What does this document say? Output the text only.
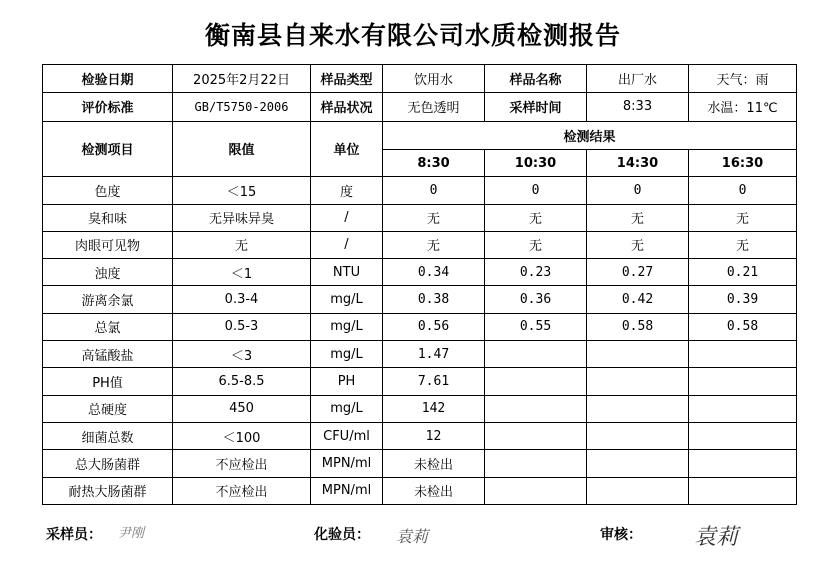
衡南县自来水有限公司水质检测报告
检验日期	2025年2月22日	样品类型	饮用水	样品名称	出厂水	天气：雨
评价标准	GB/T5750-2006	样品状况	无色透明	采样时间	8:33	水温：11℃
检测项目	限值	单位	检测结果			
			8:30	10:30	14:30	16:30
色度	＜15	度	0	0	0	0
臭和味	无异味异臭	/	无	无	无	无
肉眼可见物	无	/	无	无	无	无
浊度	＜1	NTU	0.34	0.23	0.27	0.21
游离余氯	0.3-4	mg/L	0.38	0.36	0.42	0.39
总氯	0.5-3	mg/L	0.56	0.55	0.58	0.58
高锰酸盐	＜3	mg/L	1.47			
PH值	6.5-8.5	PH	7.61			
总硬度	450	mg/L	142			
细菌总数	＜100	CFU/ml	12			
总大肠菌群	不应检出	MPN/ml	未检出			
耐热大肠菌群	不应检出	MPN/ml	未检出			
采样员： 尹刚	化验员： 袁莉	审核： 袁莉
